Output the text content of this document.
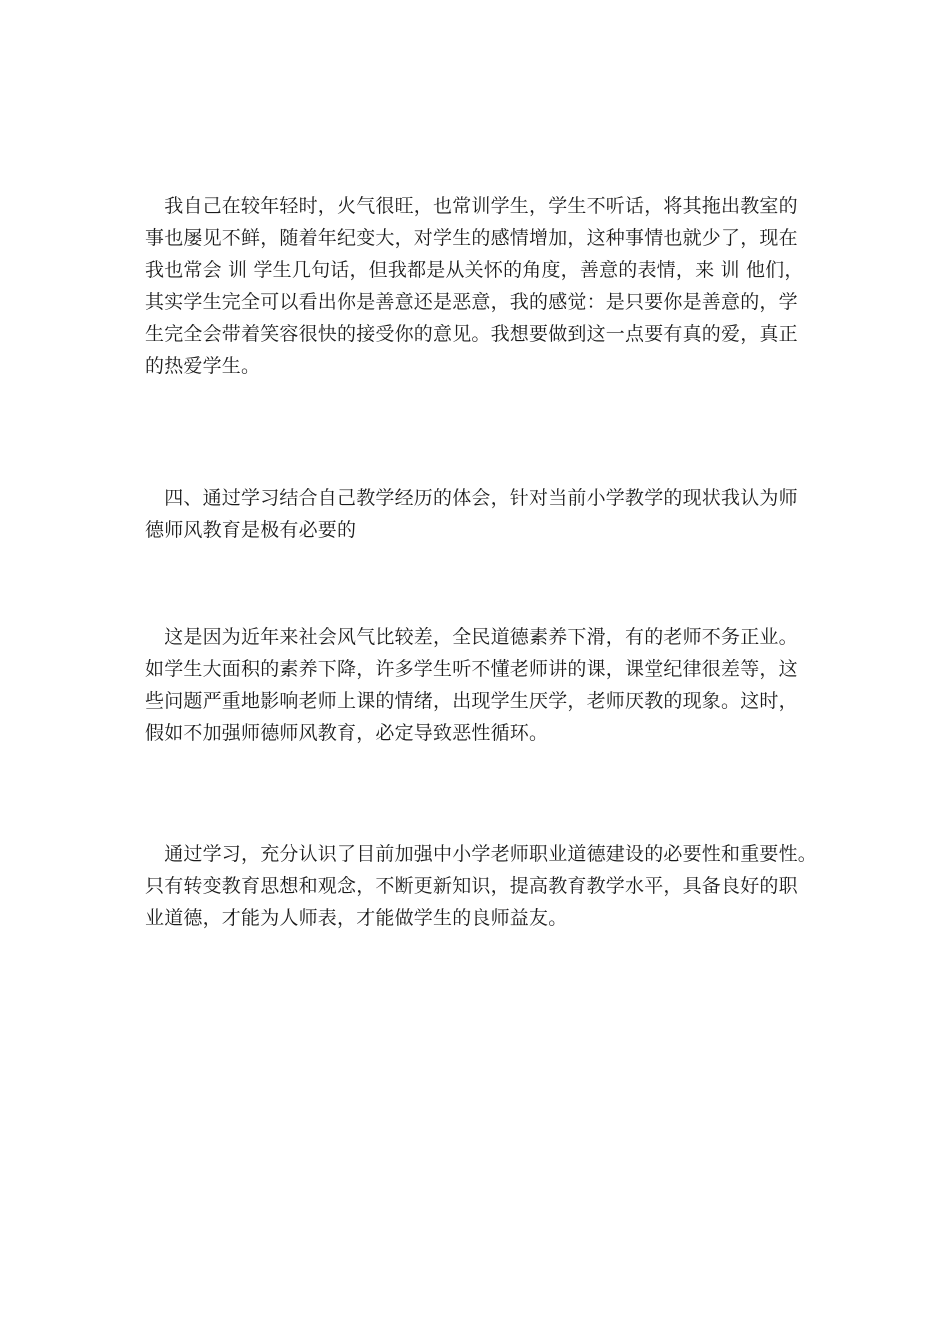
　我自己在较年轻时，火气很旺，也常训学生，学生不听话，将其拖出教室的
事也屡见不鲜，随着年纪变大，对学生的感情增加，这种事情也就少了，现在
我也常会 训 学生几句话，但我都是从关怀的角度，善意的表情，来 训 他们，
其实学生完全可以看出你是善意还是恶意，我的感觉：是只要你是善意的，学
生完全会带着笑容很快的接受你的意见。我想要做到这一点要有真的爱，真正
的热爱学生。
　四、通过学习结合自己教学经历的体会，针对当前小学教学的现状我认为师
德师风教育是极有必要的
　这是因为近年来社会风气比较差，全民道德素养下滑，有的老师不务正业。
如学生大面积的素养下降，许多学生听不懂老师讲的课，课堂纪律很差等，这
些问题严重地影响老师上课的情绪，出现学生厌学，老师厌教的现象。这时，
假如不加强师德师风教育，必定导致恶性循环。
　通过学习，充分认识了目前加强中小学老师职业道德建设的必要性和重要性。
只有转变教育思想和观念，不断更新知识，提高教育教学水平，具备良好的职
业道德，才能为人师表，才能做学生的良师益友。
